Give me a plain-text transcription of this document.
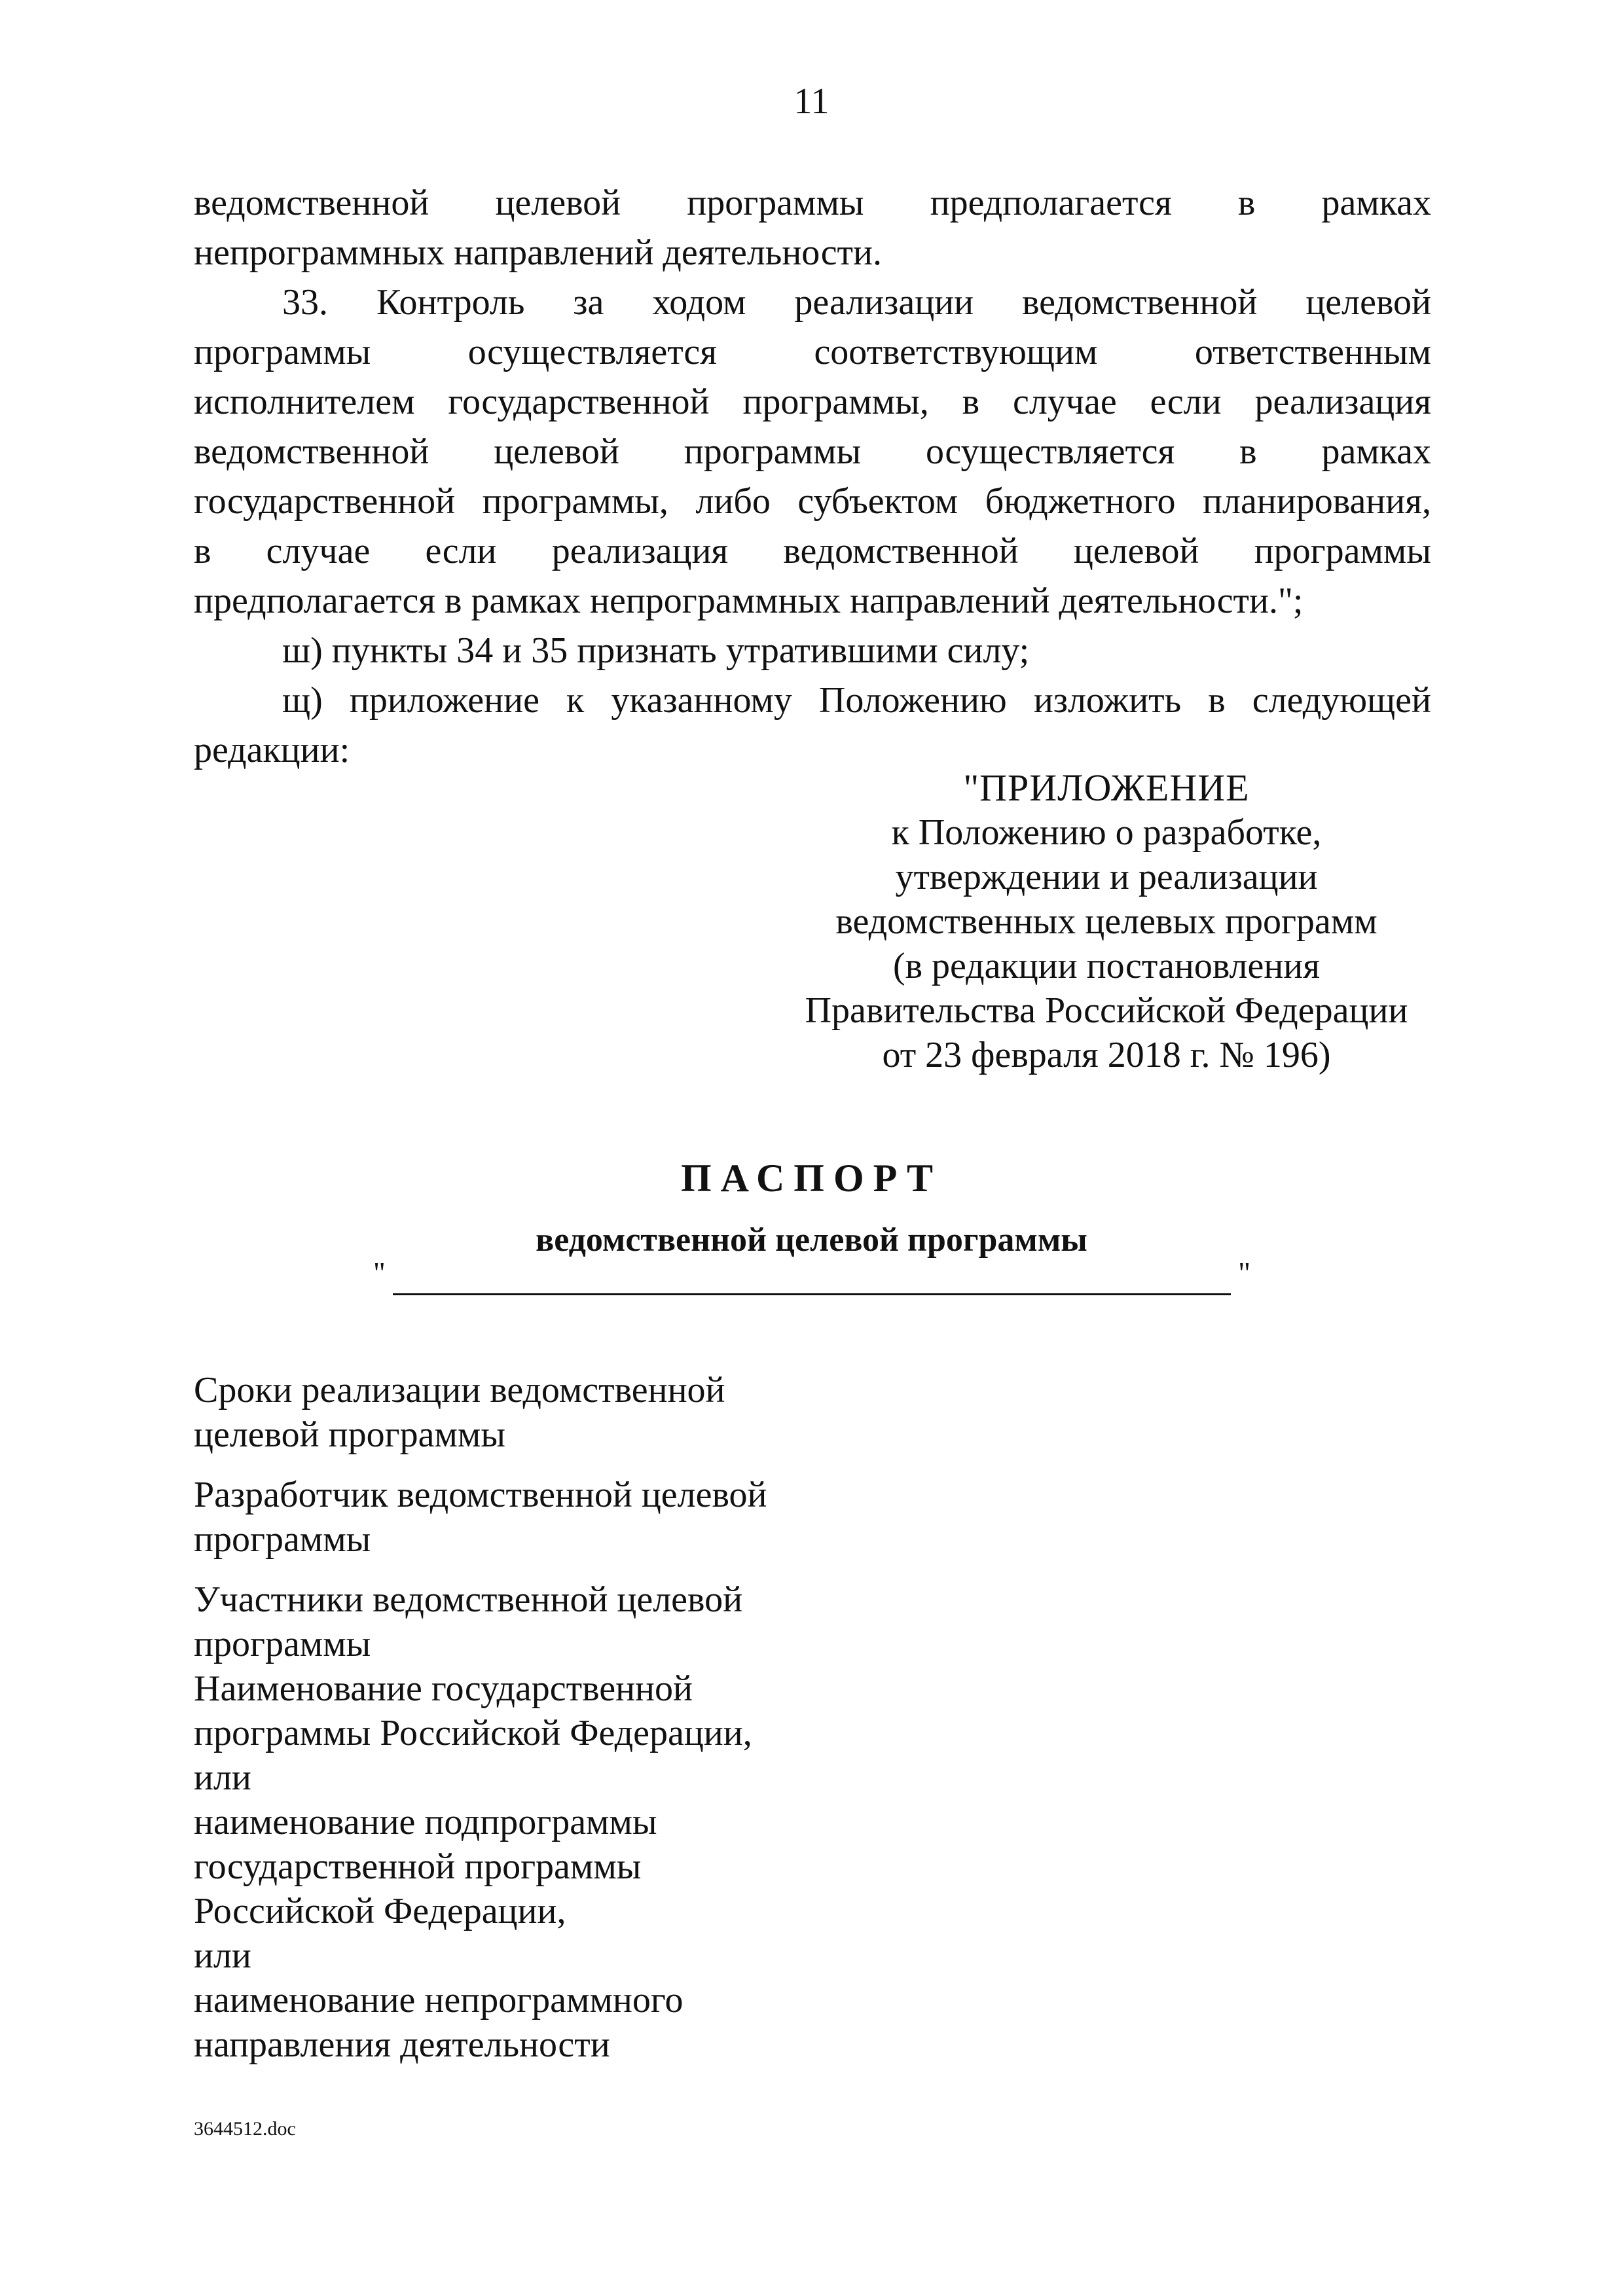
11

ведомственной целевой программы предполагается в рамках

непрограммных направлений деятельности.

33. Контроль за ходом реализации ведомственной целевой

программы осуществляется соответствующим ответственным

исполнителем государственной программы, в случае если реализация

ведомственной целевой программы осуществляется в рамках

государственной программы, либо субъектом бюджетного планирования,

в случае если реализация ведомственной целевой программы

предполагается в рамках непрограммных направлений деятельности.";

ш) пункты 34 и 35 признать утратившими силу;

щ) приложение к указанному Положению изложить в следующей

редакции:

"ПРИЛОЖЕНИЕ
к Положению о разработке,
утверждении и реализации
ведомственных целевых программ
(в редакции постановления
Правительства Российской Федерации
от 23 февраля 2018 г. № 196)
ПАСПОРТ
ведомственной целевой программы
"	"
Сроки реализации ведомственной
целевой программы
Разработчик ведомственной целевой
программы
Участники ведомственной целевой
программы
Наименование государственной
программы Российской Федерации,
или
наименование подпрограммы
государственной программы
Российской Федерации,
или
наименование непрограммного
направления деятельности
3644512.doc
